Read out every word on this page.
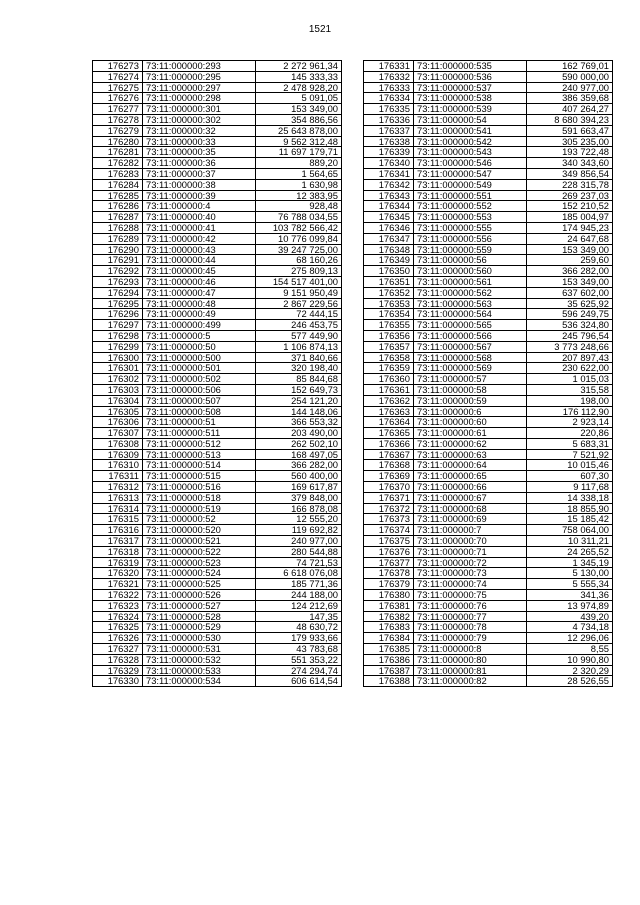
1521
176273	73:11:000000:293	2 272 961,34
176274	73:11:000000:295	145 333,33
176275	73:11:000000:297	2 478 928,20
176276	73:11:000000:298	5 091,05
176277	73:11:000000:301	153 349,00
176278	73:11:000000:302	354 886,56
176279	73:11:000000:32	25 643 878,00
176280	73:11:000000:33	9 562 312,48
176281	73:11:000000:35	11 697 179,71
176282	73:11:000000:36	889,20
176283	73:11:000000:37	1 564,65
176284	73:11:000000:38	1 630,98
176285	73:11:000000:39	12 383,95
176286	73:11:000000:4	928,48
176287	73:11:000000:40	76 788 034,55
176288	73:11:000000:41	103 782 566,42
176289	73:11:000000:42	10 776 099,84
176290	73:11:000000:43	39 247 725,00
176291	73:11:000000:44	68 160,26
176292	73:11:000000:45	275 809,13
176293	73:11:000000:46	154 517 401,00
176294	73:11:000000:47	9 151 950,49
176295	73:11:000000:48	2 867 229,56
176296	73:11:000000:49	72 444,15
176297	73:11:000000:499	246 453,75
176298	73:11:000000:5	577 449,90
176299	73:11:000000:50	1 106 874,13
176300	73:11:000000:500	371 840,66
176301	73:11:000000:501	320 198,40
176302	73:11:000000:502	85 844,68
176303	73:11:000000:506	152 649,73
176304	73:11:000000:507	254 121,20
176305	73:11:000000:508	144 148,06
176306	73:11:000000:51	366 553,32
176307	73:11:000000:511	203 490,00
176308	73:11:000000:512	262 502,10
176309	73:11:000000:513	168 497,05
176310	73:11:000000:514	366 282,00
176311	73:11:000000:515	560 400,00
176312	73:11:000000:516	169 617,87
176313	73:11:000000:518	379 848,00
176314	73:11:000000:519	166 878,08
176315	73:11:000000:52	12 555,20
176316	73:11:000000:520	119 692,82
176317	73:11:000000:521	240 977,00
176318	73:11:000000:522	280 544,88
176319	73:11:000000:523	74 721,53
176320	73:11:000000:524	6 618 076,08
176321	73:11:000000:525	185 771,36
176322	73:11:000000:526	244 188,00
176323	73:11:000000:527	124 212,69
176324	73:11:000000:528	147,35
176325	73:11:000000:529	48 630,72
176326	73:11:000000:530	179 933,66
176327	73:11:000000:531	43 783,68
176328	73:11:000000:532	551 353,22
176329	73:11:000000:533	274 294,74
176330	73:11:000000:534	606 614,54
176331	73:11:000000:535	162 769,01
176332	73:11:000000:536	590 000,00
176333	73:11:000000:537	240 977,00
176334	73:11:000000:538	386 359,68
176335	73:11:000000:539	407 264,27
176336	73:11:000000:54	8 680 394,23
176337	73:11:000000:541	591 663,47
176338	73:11:000000:542	305 235,00
176339	73:11:000000:543	193 722,48
176340	73:11:000000:546	340 343,60
176341	73:11:000000:547	349 856,54
176342	73:11:000000:549	228 315,78
176343	73:11:000000:551	269 237,03
176344	73:11:000000:552	152 210,52
176345	73:11:000000:553	185 004,97
176346	73:11:000000:555	174 945,23
176347	73:11:000000:556	24 647,68
176348	73:11:000000:559	153 349,00
176349	73:11:000000:56	259,60
176350	73:11:000000:560	366 282,00
176351	73:11:000000:561	153 349,00
176352	73:11:000000:562	637 602,00
176353	73:11:000000:563	35 625,92
176354	73:11:000000:564	596 249,75
176355	73:11:000000:565	536 324,80
176356	73:11:000000:566	245 796,54
176357	73:11:000000:567	3 773 248,66
176358	73:11:000000:568	207 897,43
176359	73:11:000000:569	230 622,00
176360	73:11:000000:57	1 015,03
176361	73:11:000000:58	315,58
176362	73:11:000000:59	198,00
176363	73:11:000000:6	176 112,90
176364	73:11:000000:60	2 923,14
176365	73:11:000000:61	220,86
176366	73:11:000000:62	5 683,31
176367	73:11:000000:63	7 521,92
176368	73:11:000000:64	10 015,46
176369	73:11:000000:65	607,30
176370	73:11:000000:66	9 117,68
176371	73:11:000000:67	14 338,18
176372	73:11:000000:68	18 855,90
176373	73:11:000000:69	15 185,42
176374	73:11:000000:7	758 064,00
176375	73:11:000000:70	10 311,21
176376	73:11:000000:71	24 265,52
176377	73:11:000000:72	1 345,19
176378	73:11:000000:73	5 130,00
176379	73:11:000000:74	5 555,34
176380	73:11:000000:75	341,36
176381	73:11:000000:76	13 974,89
176382	73:11:000000:77	439,20
176383	73:11:000000:78	4 734,18
176384	73:11:000000:79	12 296,06
176385	73:11:000000:8	8,55
176386	73:11:000000:80	10 990,80
176387	73:11:000000:81	2 320,29
176388	73:11:000000:82	28 526,55
